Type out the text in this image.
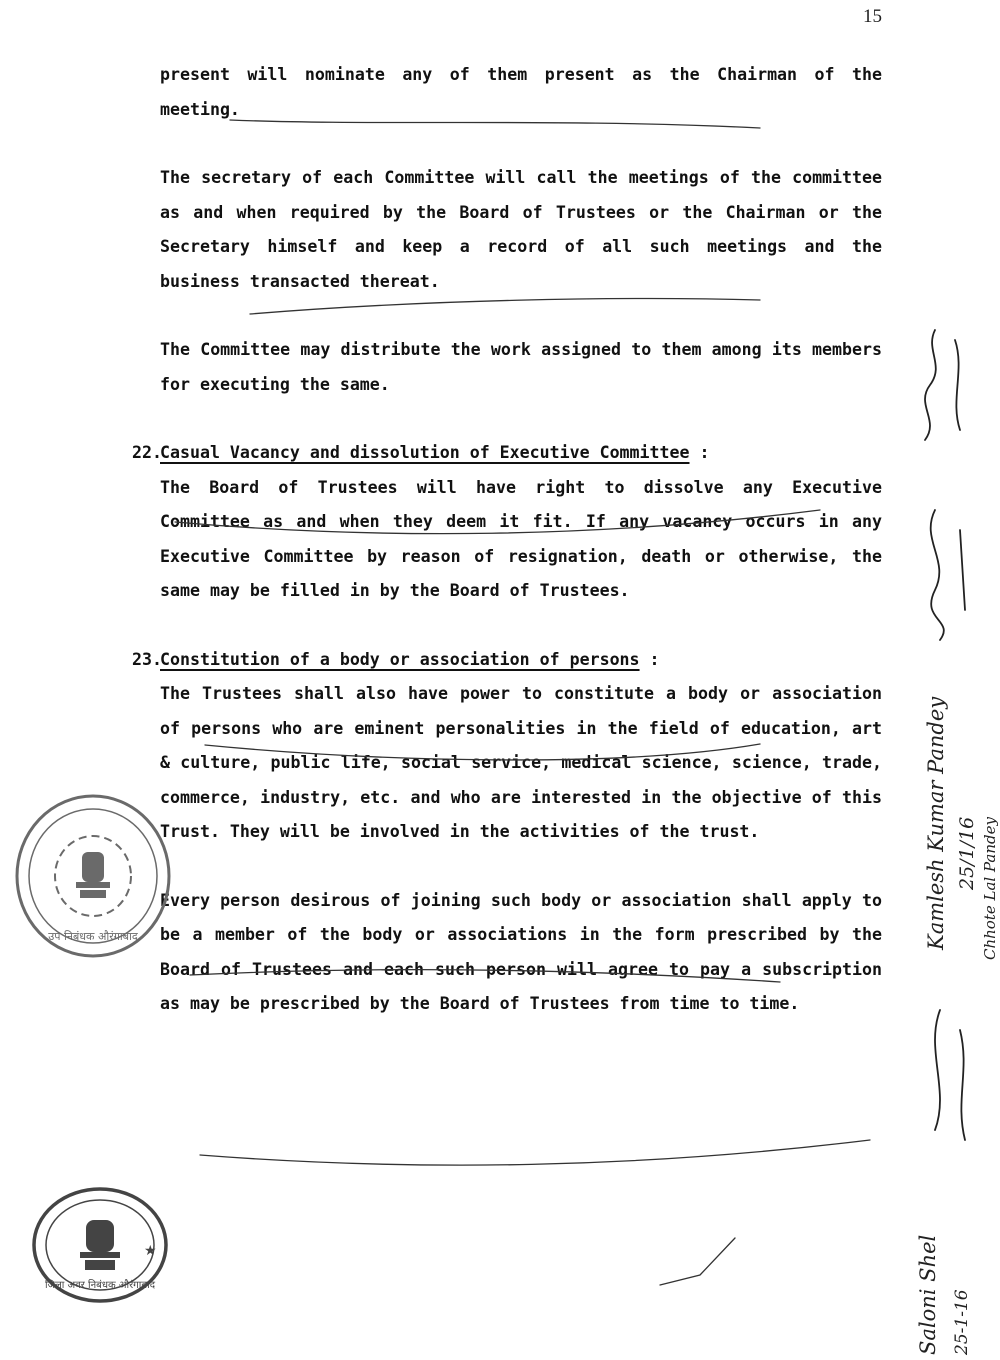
15

present will nominate any of them present as the Chairman of the meeting.

The secretary of each Committee will call the meetings of the committee as and when required by the Board of Trustees or the Chairman or the Secretary himself and keep a record of all such meetings and the business transacted thereat.

The Committee may distribute the work assigned to them among its members for executing the same.

22.
Casual Vacancy and dissolution of Executive Committee :

The Board of Trustees will have right to dissolve any Executive Committee as and when they deem it fit. If any vacancy occurs in any Executive Committee by reason of resignation, death or otherwise, the same may be filled in by the Board of Trustees.

23.
Constitution of a body or association of persons :

The Trustees shall also have power to constitute a body or association of persons who are eminent personalities in the field of education, art & culture, public life, social service, medical science, science, trade, commerce, industry, etc. and who are interested in the objective of this Trust. They will be involved in the activities of the trust.

Every person desirous of joining such body or association shall apply to be a member of the body or associations in the form prescribed by the Board of Trustees and each such person will agree to pay a subscription as may be prescribed by the Board of Trustees from time to time.

Kamlesh Kumar Pandey 25/1/16 Chhote Lal Pandey
Saloni Shel 25-1-16
उप निबंधक औरंगाबाद
★
जिला अवर निबंधक औरंगाबाद
